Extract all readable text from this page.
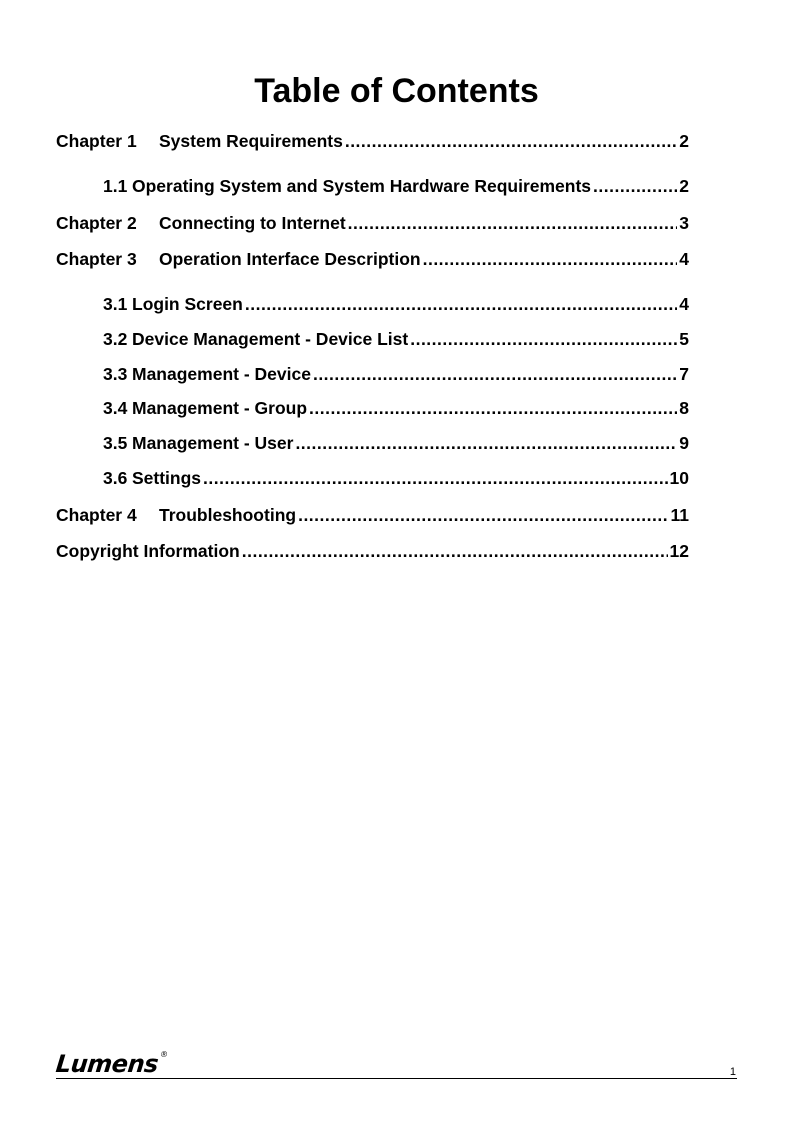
Table of Contents
Chapter 1	System Requirements .....	2
1.1 Operating System and System Hardware Requirements .....	2
Chapter 2	Connecting to Internet .....	3
Chapter 3	Operation Interface Description .....	4
3.1 Login Screen .....	4
3.2 Device Management - Device List .....	5
3.3 Management - Device .....	7
3.4 Management - Group .....	8
3.5 Management - User .....	9
3.6 Settings .....	10
Chapter 4	Troubleshooting .....	11
Copyright Information .....	12
Lumens®
1
